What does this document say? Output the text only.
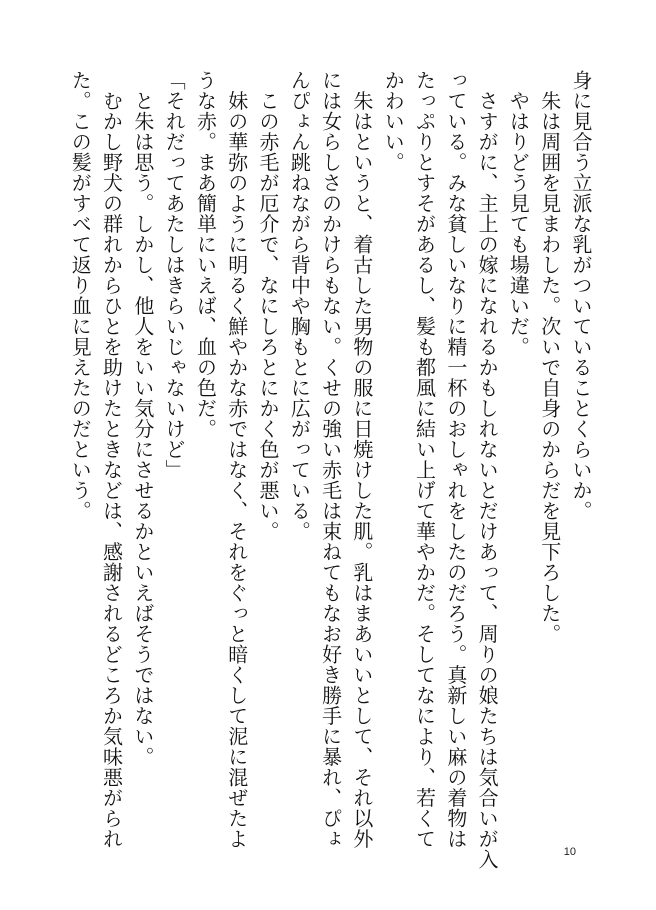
身に見合う立派な乳がついていることくらいか。
　朱は周囲を見まわした。次いで自身のからだを見下ろした。
　やはりどう見ても場違いだ。
　さすがに、主上の嫁になれるかもしれないとだけあって、周りの娘たちは気合いが入
っている。みな貧しいなりに精一杯のおしゃれをしたのだろう。真新しい麻の着物は
たっぷりとすそがあるし、髪も都風に結い上げて華やかだ。そしてなにより、若くて
かわいい。
　朱はというと、着古した男物の服に日焼けした肌。乳はまあいいとして、それ以外
には女らしさのかけらもない。くせの強い赤毛は束ねてもなお好き勝手に暴れ、ぴょ
んぴょん跳ねながら背中や胸もとに広がっている。
　この赤毛が厄介で、なにしろとにかく色が悪い。
　妹の華弥のように明るく鮮やかな赤ではなく、それをぐっと暗くして泥に混ぜたよ
うな赤。まあ簡単にいえば、血の色だ。
「それだってあたしはきらいじゃないけど」
　と朱は思う。しかし、他人をいい気分にさせるかといえばそうではない。
　むかし野犬の群れからひとを助けたときなどは、感謝されるどころか気味悪がられ
た。この髪がすべて返り血に見えたのだという。
10
